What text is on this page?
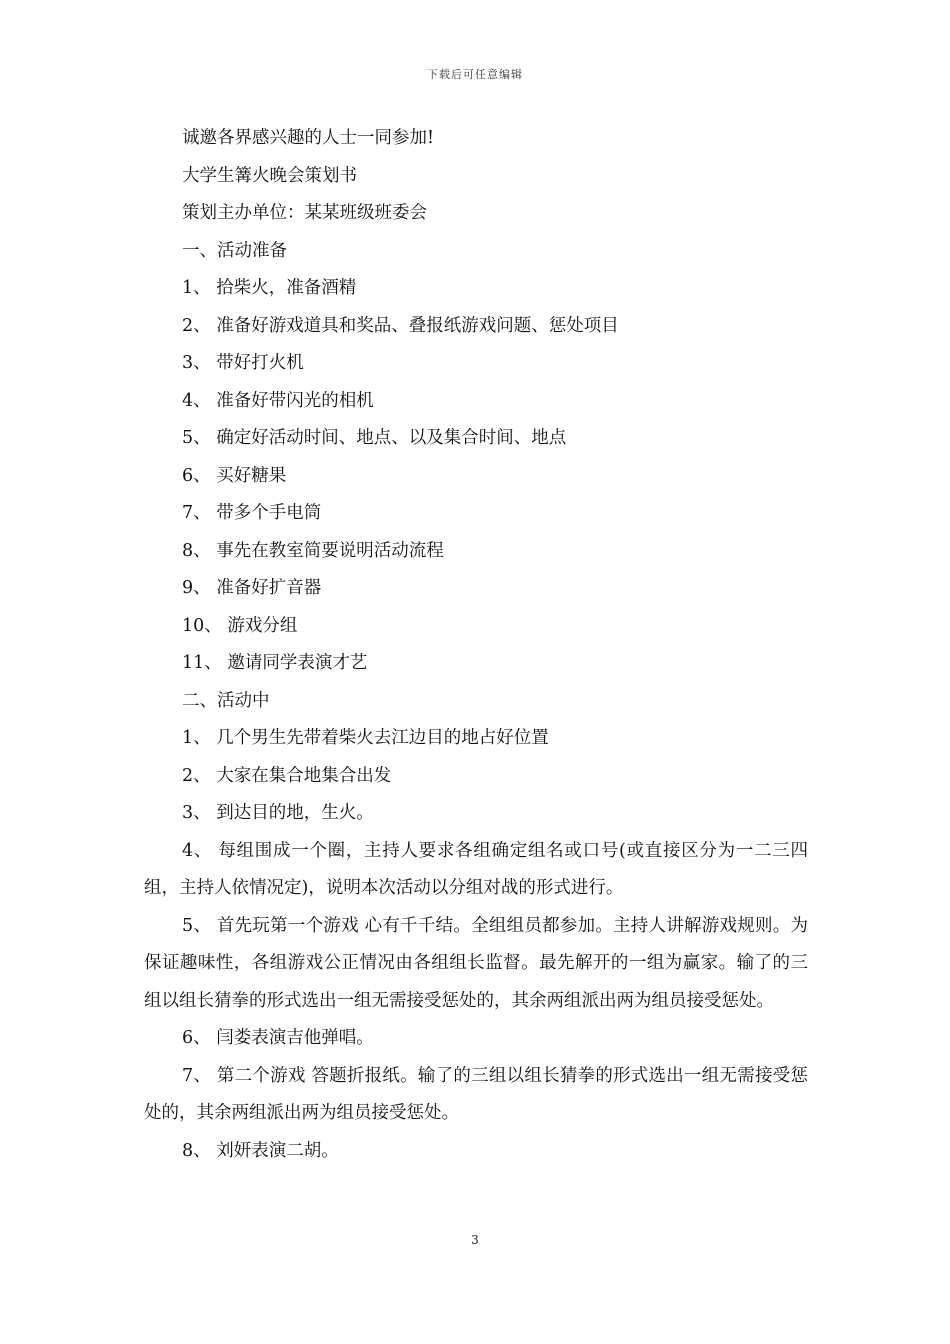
下载后可任意编辑

诚邀各界感兴趣的人士一同参加!

大学生篝火晚会策划书

策划主办单位：某某班级班委会

一、活动准备

1、 拾柴火，准备酒精

2、 准备好游戏道具和奖品、叠报纸游戏问题、惩处项目

3、 带好打火机

4、 准备好带闪光的相机

5、 确定好活动时间、地点、以及集合时间、地点

6、 买好糖果

7、 带多个手电筒

8、 事先在教室简要说明活动流程

9、 准备好扩音器

10、 游戏分组

11、 邀请同学表演才艺

二、活动中

1、 几个男生先带着柴火去江边目的地占好位置

2、 大家在集合地集合出发

3、 到达目的地，生火。

4、 每组围成一个圈，主持人要求各组确定组名或口号(或直接区分为一二三四组，主持人依情况定)，说明本次活动以分组对战的形式进行。

5、 首先玩第一个游戏 心有千千结。全组组员都参加。主持人讲解游戏规则。为保证趣味性，各组游戏公正情况由各组组长监督。最先解开的一组为赢家。输了的三组以组长猜拳的形式选出一组无需接受惩处的，其余两组派出两为组员接受惩处。

6、 闫娄表演吉他弹唱。

7、 第二个游戏 答题折报纸。输了的三组以组长猜拳的形式选出一组无需接受惩处的，其余两组派出两为组员接受惩处。

8、 刘妍表演二胡。

3
